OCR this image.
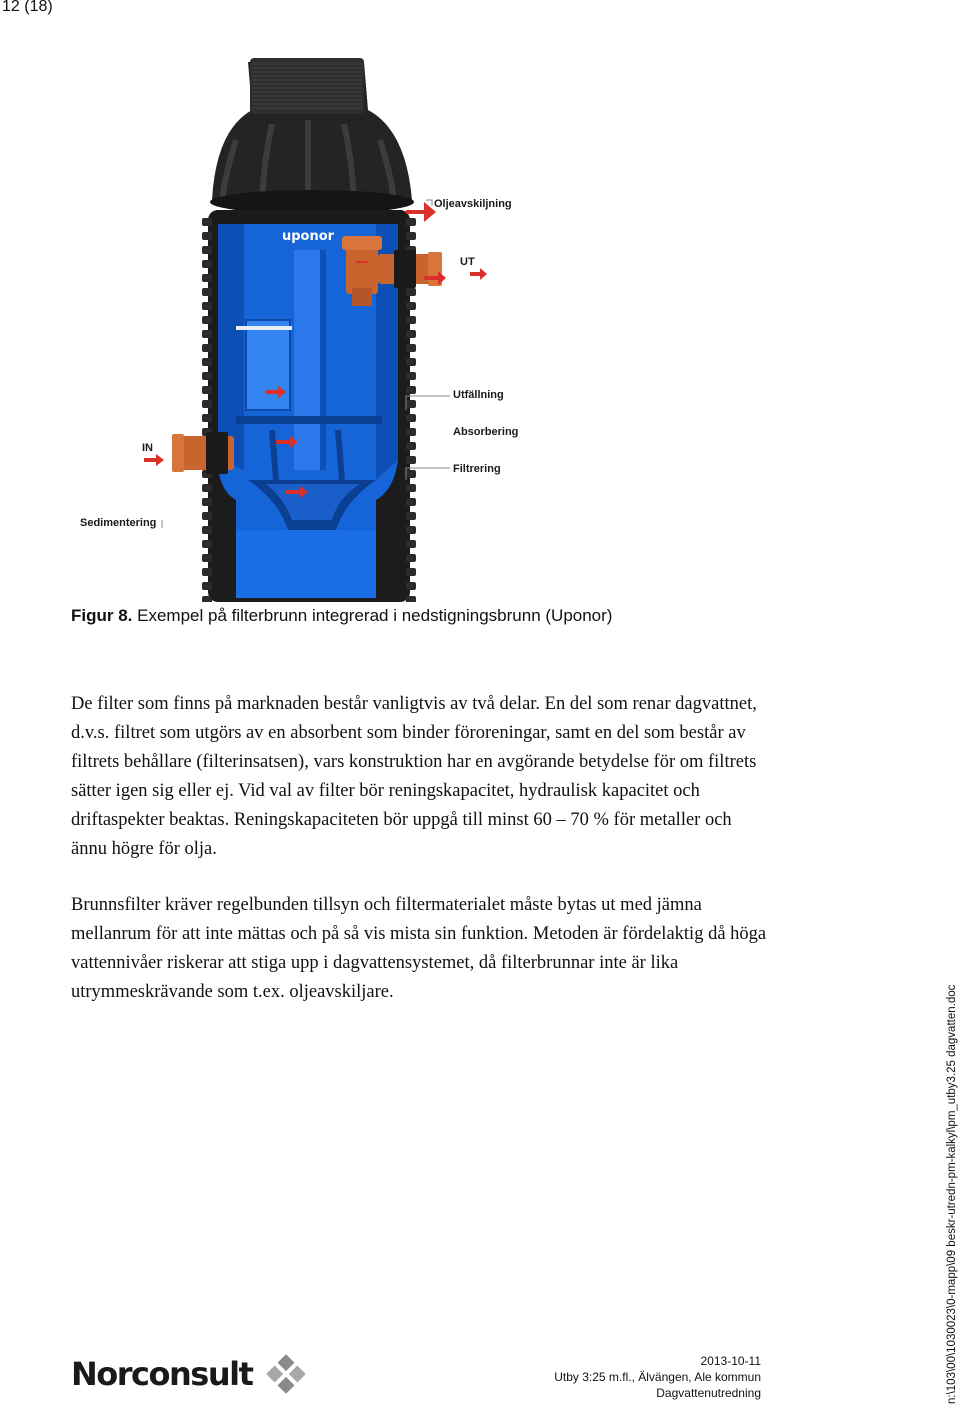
12 (18)
uponor
Oljeavskiljning
UT
Utfällning
Absorbering
Filtrering
IN
Sedimentering
Figur 8. Exempel på filterbrunn integrerad i nedstigningsbrunn (Uponor)

De filter som finns på marknaden består vanligtvis av två delar. En del som renar dagvattnet, d.v.s. filtret som utgörs av en absorbent som binder föroreningar, samt en del som består av filtrets behållare (filterinsatsen), vars konstruktion har en avgörande betydelse för om filtrets sätter igen sig eller ej. Vid val av filter bör reningskapacitet, hydraulisk kapacitet och driftaspekter beaktas. Reningskapaciteten bör uppgå till minst 60 – 70 % för metaller och ännu högre för olja.

Brunnsfilter kräver regelbunden tillsyn och filtermaterialet måste bytas ut med jämna mellanrum för att inte mättas och på så vis mista sin funktion. Metoden är fördelaktig då höga vattennivåer riskerar att stiga upp i dagvattensystemet, då filterbrunnar inte är lika utrymmeskrävande som t.ex. oljeavskiljare.

Norconsult	2013-10-11
Utby 3:25 m.fl., Älvängen, Ale kommun
Dagvattenutredning	n:\103\00\1030023\0-mapp\09 beskr-utredn-pm-kalkyl\pm_utby3.25 dagvatten.doc
